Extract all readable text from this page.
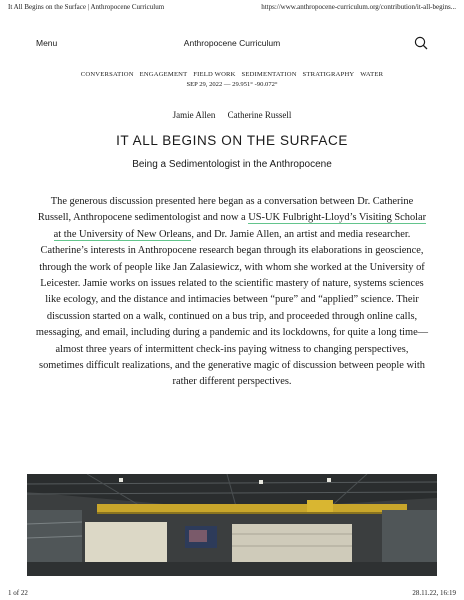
It All Begins on the Surface | Anthropocene Curriculum	https://www.anthropocene-curriculum.org/contribution/it-all-begins...
Menu	Anthropocene Curriculum
CONVERSATION ENGAGEMENT FIELD WORK SEDIMENTATION STRATIGRAPHY WATER
SEP 29, 2022 — 29.951° -90.072°
Jamie Allen Catherine Russell
IT ALL BEGINS ON THE SURFACE
Being a Sedimentologist in the Anthropocene

The generous discussion presented here began as a conversation between Dr. Catherine Russell, Anthropocene sedimentologist and now a US-UK Fulbright-Lloyd’s Visiting Scholar at the University of New Orleans, and Dr. Jamie Allen, an artist and media researcher. Catherine’s interests in Anthropocene research began through its elaborations in geoscience, through the work of people like Jan Zalasiewicz, with whom she worked at the University of Leicester. Jamie works on issues related to the scientific mastery of nature, systems sciences like ecology, and the distance and intimacies between “pure” and “applied” science. Their discussion started on a walk, continued on a bus trip, and proceeded through online calls, messaging, and email, including during a pandemic and its lockdowns, for quite a long time—almost three years of intermittent check-ins paying witness to changing perspectives, sometimes difficult realizations, and the generative magic of discussion between people with rather different perspectives.

1 of 22	28.11.22, 16:19
